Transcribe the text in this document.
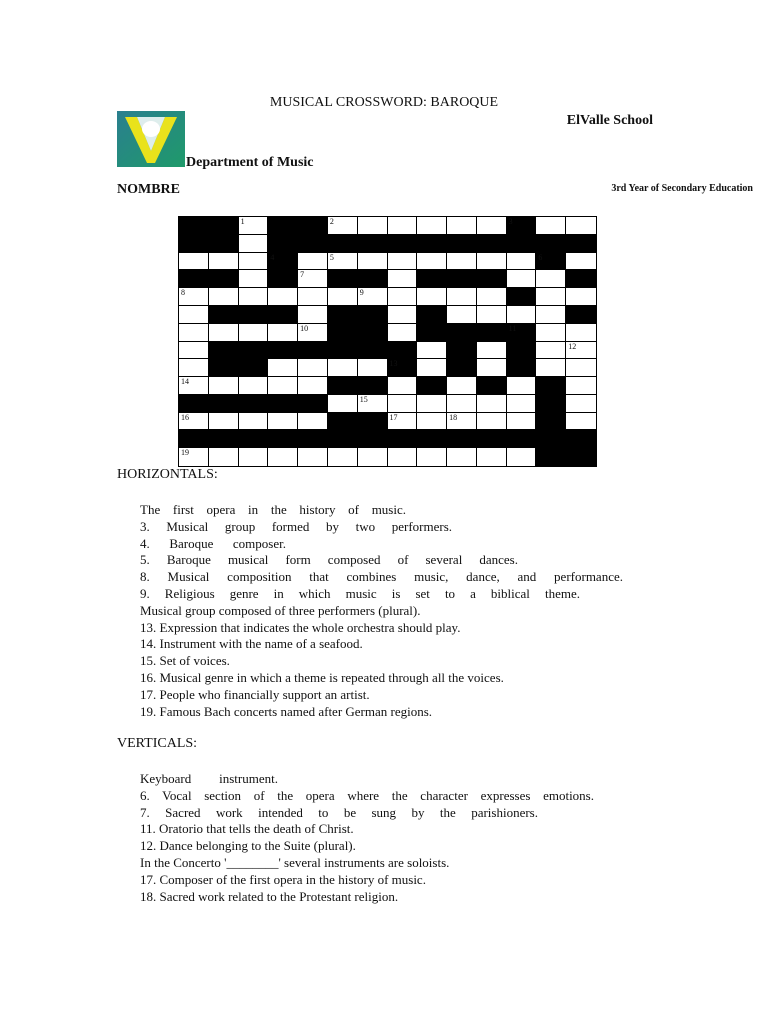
MUSICAL CROSSWORD: BAROQUE
ElValle School
Department of Music
NOMBRE	3rd Year of Secondary Education
1	2	3
4	5	6
7
8	9
10	11
12
13
14
15
16	17	18
19
HORIZONTALS:
The first opera in the history of music.
3. Musical group formed by two performers.
4. Baroque composer.
5. Baroque musical form composed of several dances.
8. Musical composition that combines music, dance, and performance.
9. Religious genre in which music is set to a biblical theme.
Musical group composed of three performers (plural).
13. Expression that indicates the whole orchestra should play.
14. Instrument with the name of a seafood.
15. Set of voices.
16. Musical genre in which a theme is repeated through all the voices.
17. People who financially support an artist.
19. Famous Bach concerts named after German regions.
VERTICALS:
Keyboard instrument.
6. Vocal section of the opera where the character expresses emotions.
7. Sacred work intended to be sung by the parishioners.
11. Oratorio that tells the death of Christ.
12. Dance belonging to the Suite (plural).
In the Concerto '________' several instruments are soloists.
17. Composer of the first opera in the history of music.
18. Sacred work related to the Protestant religion.
